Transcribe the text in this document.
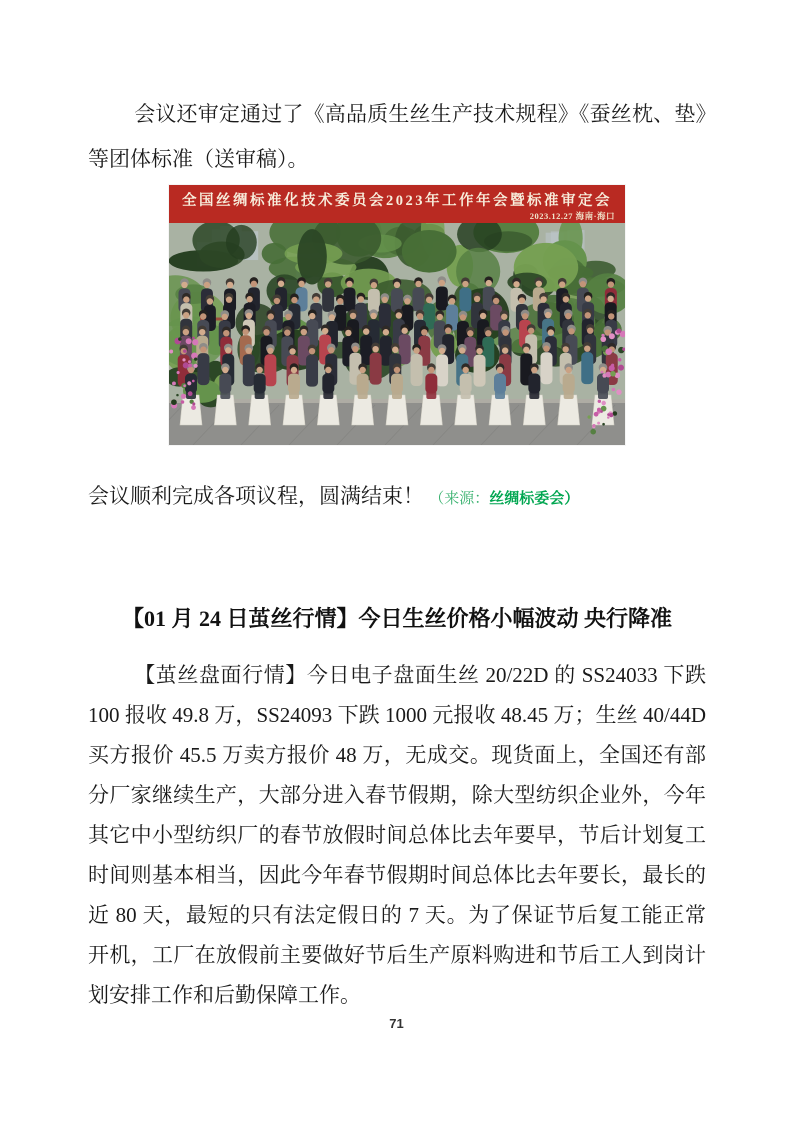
会议还审定通过了《高品质生丝生产技术规程》《蚕丝枕、垫》等团体标准（送审稿）。

全国丝绸标准化技术委员会2023年工作年会暨标准审定会
2023.12.27 海南·海口

会议顺利完成各项议程，圆满结束！ （来源：丝绸标委会）

【01 月 24 日茧丝行情】今日生丝价格小幅波动 央行降准

【茧丝盘面行情】今日电子盘面生丝 20/22D 的 SS24033 下跌 100 报收 49.8 万，SS24093 下跌 1000 元报收 48.45 万；生丝 40/44D 买方报价 45.5 万卖方报价 48 万，无成交。现货面上，全国还有部分厂家继续生产，大部分进入春节假期，除大型纺织企业外，今年其它中小型纺织厂的春节放假时间总体比去年要早，节后计划复工时间则基本相当，因此今年春节假期时间总体比去年要长，最长的近 80 天，最短的只有法定假日的 7 天。为了保证节后复工能正常开机，工厂在放假前主要做好节后生产原料购进和节后工人到岗计划安排工作和后勤保障工作。

71
